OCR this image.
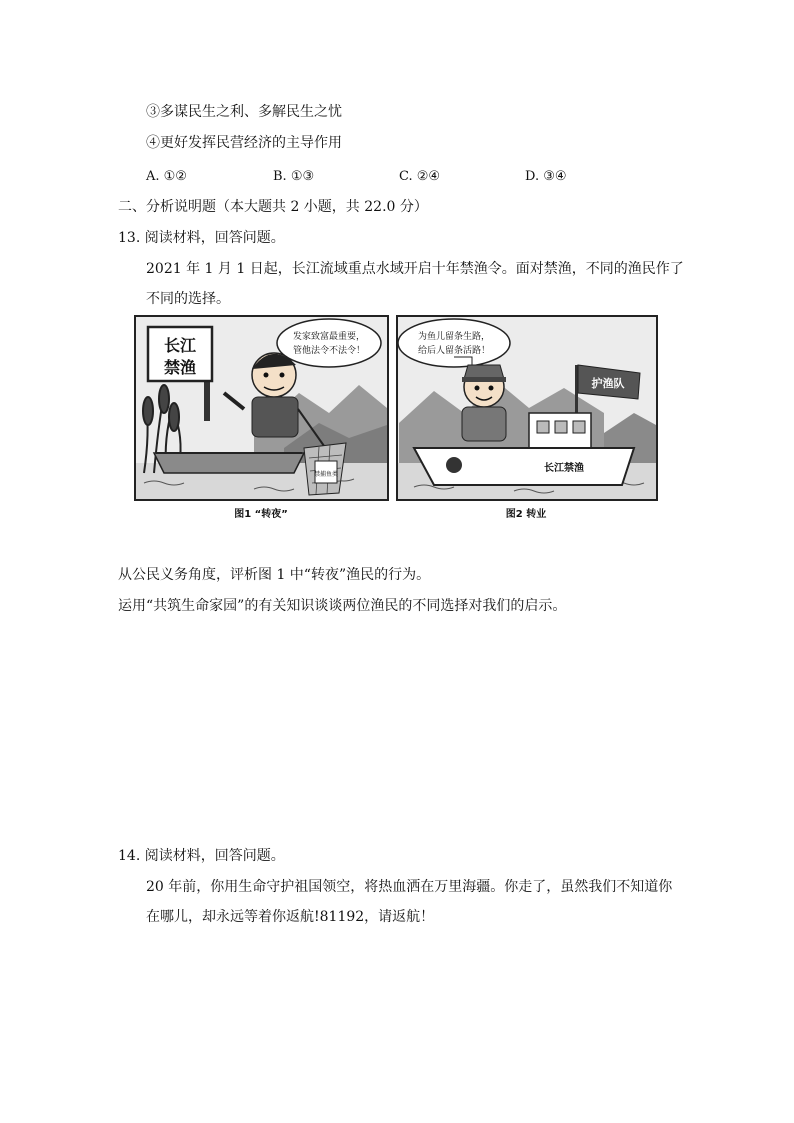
③多谋民生之利、多解民生之忧
④更好发挥民营经济的主导作用
A. ①②	B. ①③	C. ②④	D. ③④
二、分析说明题（本大题共 2 小题，共 22.0 分）
13. 阅读材料，回答问题。
2021 年 1 月 1 日起，长江流域重点水域开启十年禁渔令。面对禁渔，不同的渔民作了
不同的选择。
长江
禁渔
发家致富最重要，
管他法令不法令！
禁捕鱼类
图1 “转夜”
为鱼儿留条生路，
给后人留条活路！
护渔队
长江禁渔
图2 转业
从公民义务角度，评析图 1 中“转夜”渔民的行为。
运用“共筑生命家园”的有关知识谈谈两位渔民的不同选择对我们的启示。
14. 阅读材料，回答问题。
20 年前，你用生命守护祖国领空，将热血洒在万里海疆。你走了，虽然我们不知道你
在哪儿，却永远等着你返航!81192，请返航！
